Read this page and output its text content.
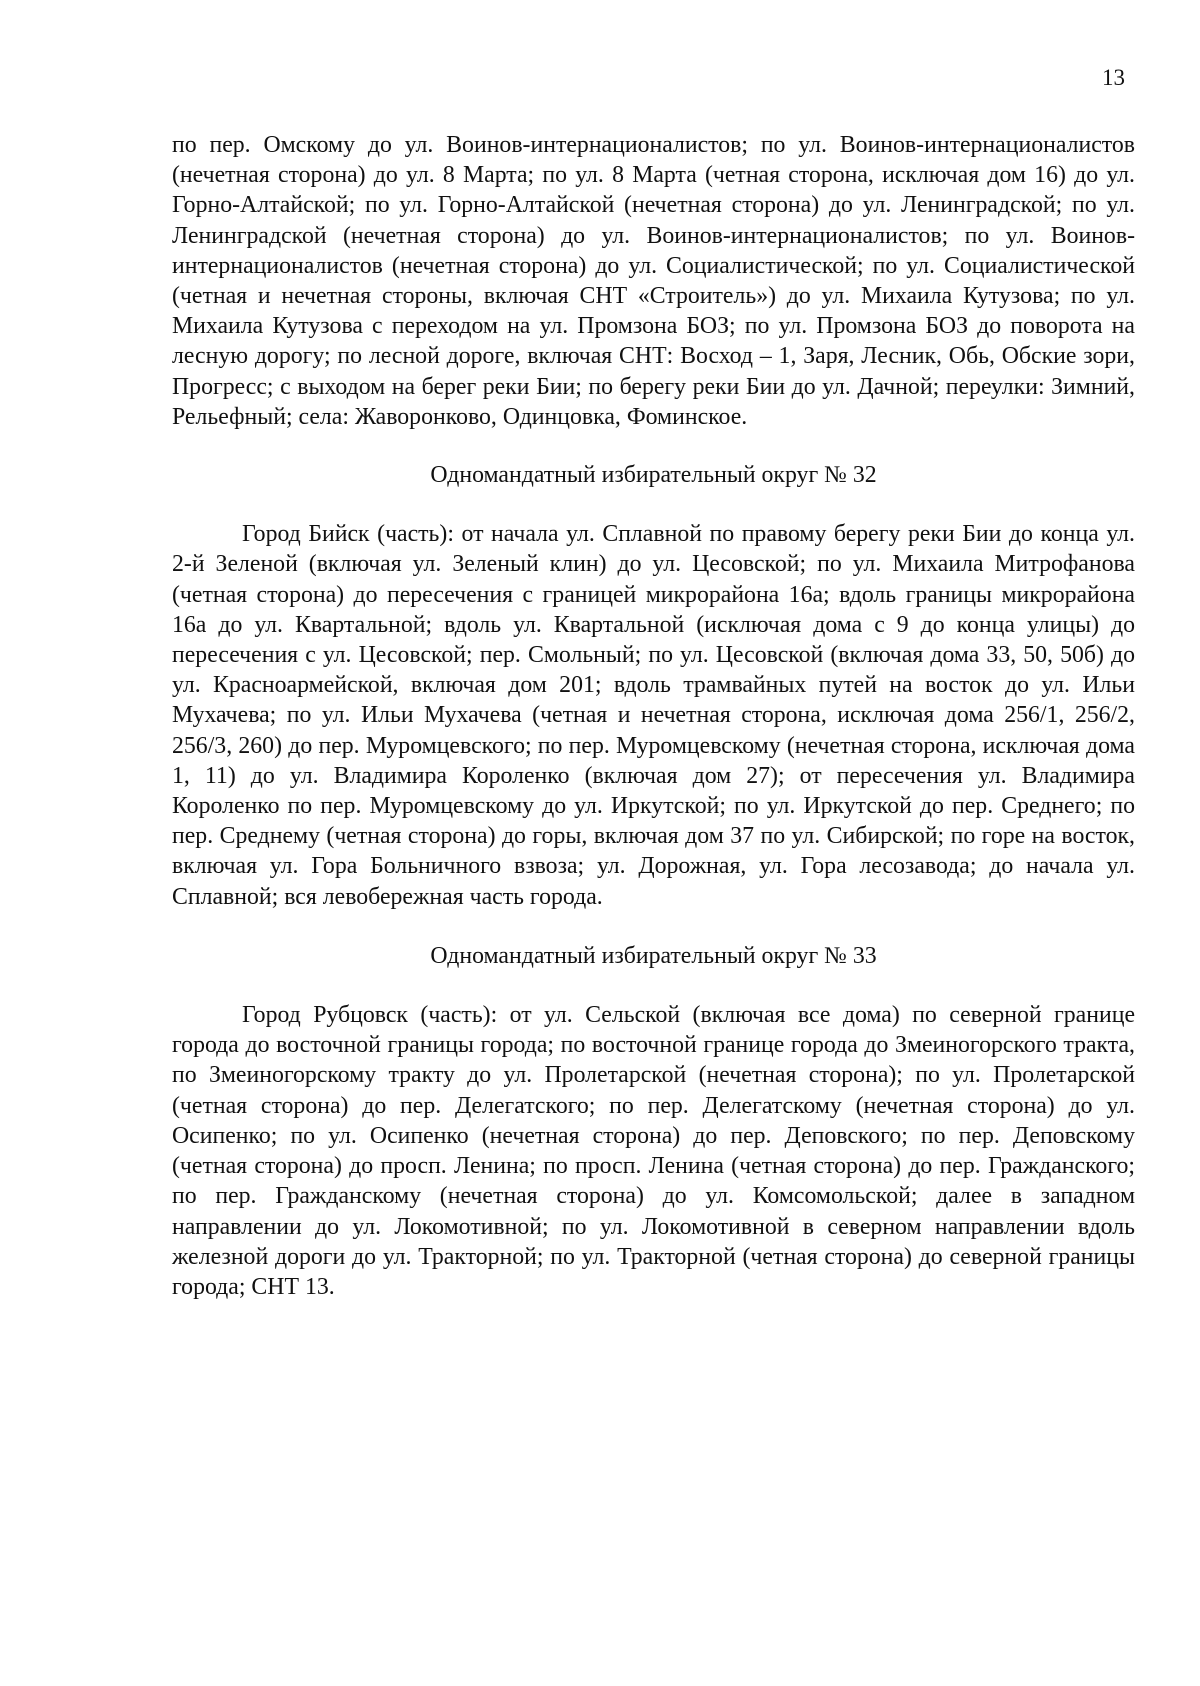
13

по пер. Омскому до ул. Воинов-интернационалистов; по ул. Воинов-интернационалистов (нечетная сторона) до ул. 8 Марта; по ул. 8 Марта (четная сторона, исключая дом 16) до ул. Горно-Алтайской; по ул. Горно-Алтайской (нечетная сторона) до ул. Ленинградской; по ул. Ленинградской (нечетная сторона) до ул. Воинов-интернационалистов; по ул. Воинов-интернационалистов (нечетная сторона) до ул. Социалистической; по ул. Социалистической (четная и нечетная стороны, включая СНТ «Строитель») до ул. Михаила Кутузова; по ул. Михаила Кутузова с переходом на ул. Промзона БОЗ; по ул. Промзона БОЗ до поворота на лесную дорогу; по лесной дороге, включая СНТ: Восход – 1, Заря, Лесник, Обь, Обские зори, Прогресс; с выходом на берег реки Бии; по берегу реки Бии до ул. Дачной; переулки: Зимний, Рельефный; села: Жаворонково, Одинцовка, Фоминское.

Одномандатный избирательный округ № 32

Город Бийск (часть): от начала ул. Сплавной по правому берегу реки Бии до конца ул. 2-й Зеленой (включая ул. Зеленый клин) до ул. Цесовской; по ул. Михаила Митрофанова (четная сторона) до пересечения с границей микрорайона 16а; вдоль границы микрорайона 16а до ул. Квартальной; вдоль ул. Квартальной (исключая дома с 9 до конца улицы) до пересечения с ул. Цесовской; пер. Смольный; по ул. Цесовской (включая дома 33, 50, 50б) до ул. Красноармейской, включая дом 201; вдоль трамвайных путей на восток до ул. Ильи Мухачева; по ул. Ильи Мухачева (четная и нечетная сторона, исключая дома 256/1, 256/2, 256/3, 260) до пер. Муромцевского; по пер. Муромцевскому (нечетная сторона, исключая дома 1, 11) до ул. Владимира Короленко (включая дом 27); от пересечения ул. Владимира Короленко по пер. Муромцевскому до ул. Иркутской; по ул. Иркутской до пер. Среднего; по пер. Среднему (четная сторона) до горы, включая дом 37 по ул. Сибирской; по горе на восток, включая ул. Гора Больничного взвоза; ул. Дорожная, ул. Гора лесозавода; до начала ул. Сплавной; вся левобережная часть города.

Одномандатный избирательный округ № 33

Город Рубцовск (часть): от ул. Сельской (включая все дома) по северной границе города до восточной границы города; по восточной границе города до Змеиногорского тракта, по Змеиногорскому тракту до ул. Пролетарской (нечетная сторона); по ул. Пролетарской (четная сторона) до пер. Делегатского; по пер. Делегатскому (нечетная сторона) до ул. Осипенко; по ул. Осипенко (нечетная сторона) до пер. Деповского; по пер. Деповскому (четная сторона) до просп. Ленина; по просп. Ленина (четная сторона) до пер. Гражданского; по пер. Гражданскому (нечетная сторона) до ул. Комсомольской; далее в западном направлении до ул. Локомотивной; по ул. Локомотивной в северном направлении вдоль железной дороги до ул. Тракторной; по ул. Тракторной (четная сторона) до северной границы города; СНТ 13.
